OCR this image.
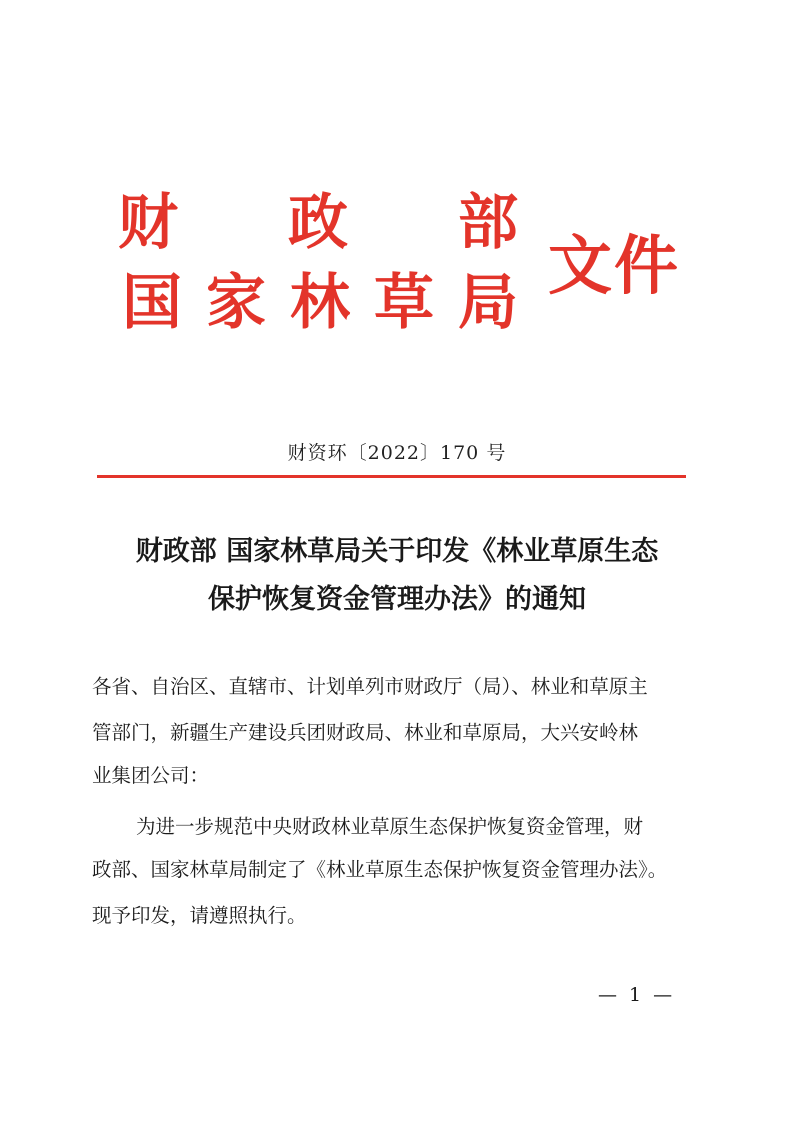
财 政 部
国 家 林 草 局 文件
财资环〔2022〕170 号
财政部 国家林草局关于印发《林业草原生态
保护恢复资金管理办法》的通知
各省、自治区、直辖市、计划单列市财政厅（局）、林业和草原主
管部门，新疆生产建设兵团财政局、林业和草原局，大兴安岭林
业集团公司：
为进一步规范中央财政林业草原生态保护恢复资金管理，财
政部、国家林草局制定了《林业草原生态保护恢复资金管理办法》。
现予印发，请遵照执行。
— 1 —
